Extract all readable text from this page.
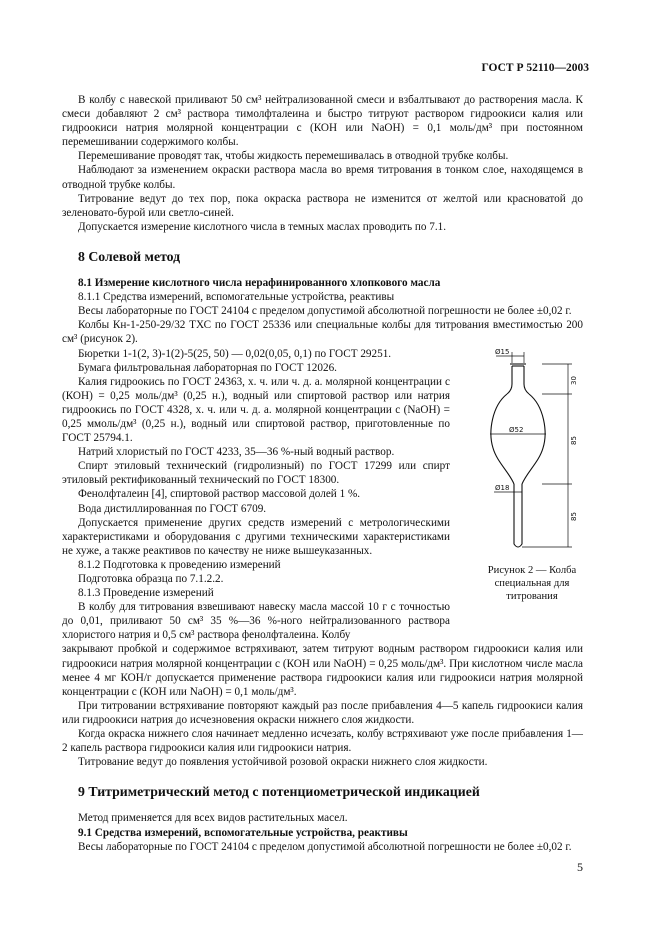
ГОСТ Р 52110—2003

В колбу с навеской приливают 50 см³ нейтрализованной смеси и взбалтывают до растворения масла. К смеси добавляют 2 см³ раствора тимолфталеина и быстро титруют раствором гидроокиси калия или гидроокиси натрия молярной концентрации c (КОН или NaOH) = 0,1 моль/дм³ при постоянном перемешивании содержимого колбы.

Перемешивание проводят так, чтобы жидкость перемешивалась в отводной трубке колбы.

Наблюдают за изменением окраски раствора масла во время титрования в тонком слое, находящемся в отводной трубке колбы.

Титрование ведут до тех пор, пока окраска раствора не изменится от желтой или красноватой до зеленовато-бурой или светло-синей.

Допускается измерение кислотного числа в темных маслах проводить по 7.1.

8 Солевой метод

8.1 Измерение кислотного числа нерафинированного хлопкового масла

8.1.1 Средства измерений, вспомогательные устройства, реактивы

Весы лабораторные по ГОСТ 24104 с пределом допустимой абсолютной погрешности не более ±0,02 г.

Колбы Кн-1-250-29/32 ТХС по ГОСТ 25336 или специальные колбы для титрования вместимостью 200 см³ (рисунок 2).

Бюретки 1-1(2, 3)-1(2)-5(25, 50) — 0,02(0,05, 0,1) по ГОСТ 29251.

Бумага фильтровальная лабораторная по ГОСТ 12026.

Калия гидроокись по ГОСТ 24363, х. ч. или ч. д. а. молярной концентрации c (КОН) = 0,25 моль/дм³ (0,25 н.), водный или спиртовой раствор или натрия гидроокись по ГОСТ 4328, х. ч. или ч. д. а. молярной концентрации c (NaOH) = 0,25 ммоль/дм³ (0,25 н.), водный или спиртовой раствор, приготовленные по ГОСТ 25794.1.

Натрий хлористый по ГОСТ 4233, 35—36 %-ный водный раствор.

Спирт этиловый технический (гидролизный) по ГОСТ 17299 или спирт этиловый ректификованный технический по ГОСТ 18300.

Фенолфталеин [4], спиртовой раствор массовой долей 1 %.

Вода дистиллированная по ГОСТ 6709.

Допускается применение других средств измерений с метрологическими характеристиками и оборудования с другими техническими характеристиками не хуже, а также реактивов по качеству не ниже вышеуказанных.

8.1.2 Подготовка к проведению измерений

Подготовка образца по 7.1.2.2.

8.1.3 Проведение измерений

В колбу для титрования взвешивают навеску масла массой 10 г с точностью до 0,01, приливают 50 см³ 35 %—36 %-ного нейтрализованного раствора хлористого натрия и 0,5 см³ раствора фенолфталеина. Колбу

закрывают пробкой и содержимое встряхивают, затем титруют водным раствором гидроокиси калия или гидроокиси натрия молярной концентрации c (КОН или NaOH) = 0,25 моль/дм³. При кислотном числе масла менее 4 мг КОН/г допускается применение раствора гидроокиси калия или гидроокиси натрия молярной концентрации c (КОН или NaOH) = 0,1 моль/дм³.

При титровании встряхивание повторяют каждый раз после прибавления 4—5 капель гидроокиси калия или гидроокиси натрия до исчезновения окраски нижнего слоя жидкости.

Когда окраска нижнего слоя начинает медленно исчезать, колбу встряхивают уже после прибавления 1—2 капель раствора гидроокиси калия или гидроокиси натрия.

Титрование ведут до появления устойчивой розовой окраски нижнего слоя жидкости.

9 Титриметрический метод с потенциометрической индикацией

Метод применяется для всех видов растительных масел.

9.1 Средства измерений, вспомогательные устройства, реактивы

Весы лабораторные по ГОСТ 24104 с пределом допустимой абсолютной погрешности не более ±0,02 г.

Ø15
Ø52
Ø18
30
85
85
Рисунок 2 — Колба специальная для титрования
5
